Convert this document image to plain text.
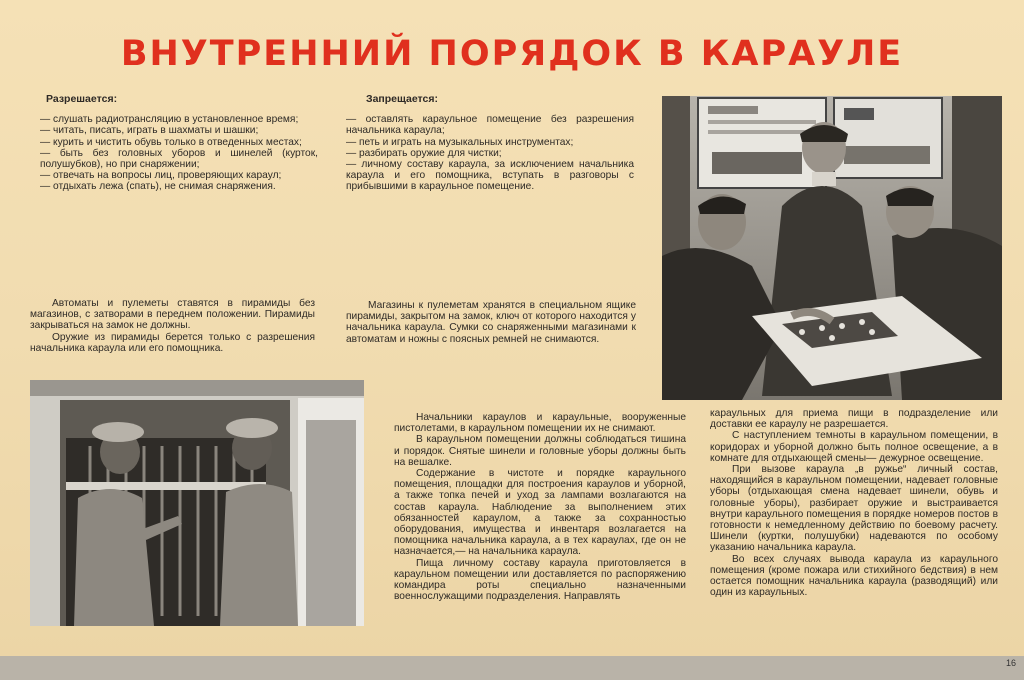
ВНУТРЕННИЙ ПОРЯДОК В КАРАУЛЕ
Разрешается:

— слушать радиотрансляцию в установленное время;

— читать, писать, играть в шахматы и шашки;

— курить и чистить обувь только в отведенных местах;

— быть без головных уборов и шинелей (курток, полушубков), но при снаряжении;

— отвечать на вопросы лиц, проверяющих караул;

— отдыхать лежа (спать), не снимая снаряжения.

Запрещается:

— оставлять караульное помещение без разрешения начальника караула;

— петь и играть на музыкальных инструментах;

— разбирать оружие для чистки;

— личному составу караула, за исключением начальника караула и его помощника, вступать в разговоры с прибывшими в караульное помещение.

Автоматы и пулеметы ставятся в пирамиды без магазинов, с затворами в переднем положении. Пирамиды закрываться на замок не должны.

Оружие из пирамиды берется только с разрешения начальника караула или его помощника.

Магазины к пулеметам хранятся в специальном ящике пирамиды, закрытом на замок, ключ от которого находится у начальника караула. Сумки со снаряженными магазинами к автоматам и ножны с поясных ремней не снимаются.

Начальники караулов и караульные, вооруженные пистолетами, в караульном помещении их не снимают.

В караульном помещении должны соблюдаться тишина и порядок. Снятые шинели и головные уборы должны быть на вешалке.

Содержание в чистоте и порядке караульного помещения, площадки для построения караулов и уборной, а также топка печей и уход за лампами возлагаются на состав караула. Наблюдение за выполнением этих обязанностей караулом, а также за сохранностью оборудования, имущества и инвентаря возлагается на помощника начальника караула, а в тех караулах, где он не назначается,— на начальника караула.

Пища личному составу караула приготовляется в караульном помещении или доставляется по распоряжению командира роты специально назначенными военнослужащими подразделения. Направлять

караульных для приема пищи в подразделение или доставки ее караулу не разрешается.

С наступлением темноты в караульном помещении, в коридорах и уборной должно быть полное освещение, а в комнате для отдыхающей смены— дежурное освещение.

При вызове караула „в ружье“ личный состав, находящийся в караульном помещении, надевает головные уборы (отдыхающая смена надевает шинели, обувь и головные уборы), разбирает оружие и выстраивается внутри караульного помещения в порядке номеров постов в готовности к немедленному действию по боевому расчету. Шинели (куртки, полушубки) надеваются по особому указанию начальника караула.

Во всех случаях вывода караула из караульного помещения (кроме пожара или стихийного бедствия) в нем остается помощник начальника караула (разводящий) или один из караульных.

16
